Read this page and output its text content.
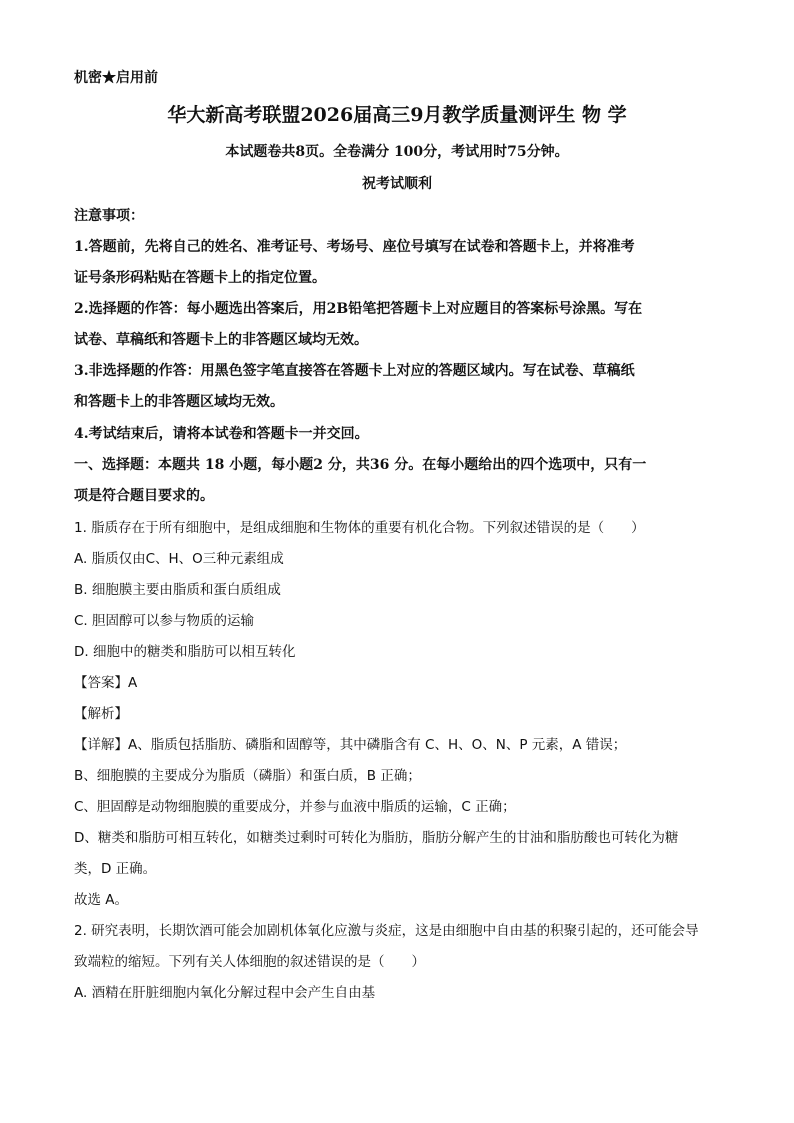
机密★启用前
华大新高考联盟2026届高三9月教学质量测评生 物 学
本试题卷共8页。全卷满分 100分，考试用时75分钟。
祝考试顺利
注意事项：
1.答题前，先将自己的姓名、准考证号、考场号、座位号填写在试卷和答题卡上，并将准考
证号条形码粘贴在答题卡上的指定位置。
2.选择题的作答：每小题选出答案后，用2B铅笔把答题卡上对应题目的答案标号涂黑。写在
试卷、草稿纸和答题卡上的非答题区域均无效。
3.非选择题的作答：用黑色签字笔直接答在答题卡上对应的答题区域内。写在试卷、草稿纸
和答题卡上的非答题区域均无效。
4.考试结束后，请将本试卷和答题卡一并交回。
一、选择题：本题共 18 小题，每小题2 分，共36 分。在每小题给出的四个选项中，只有一
项是符合题目要求的。
1. 脂质存在于所有细胞中，是组成细胞和生物体的重要有机化合物。下列叙述错误的是（　　）
A. 脂质仅由C、H、O三种元素组成
B. 细胞膜主要由脂质和蛋白质组成
C. 胆固醇可以参与物质的运输
D. 细胞中的糖类和脂肪可以相互转化
【答案】A
【解析】
【详解】A、脂质包括脂肪、磷脂和固醇等，其中磷脂含有 C、H、O、N、P 元素，A 错误；
B、细胞膜的主要成分为脂质（磷脂）和蛋白质，B 正确；
C、胆固醇是动物细胞膜的重要成分，并参与血液中脂质的运输，C 正确；
D、糖类和脂肪可相互转化，如糖类过剩时可转化为脂肪，脂肪分解产生的甘油和脂肪酸也可转化为糖
类，D 正确。
故选 A。
2. 研究表明，长期饮酒可能会加剧机体氧化应激与炎症，这是由细胞中自由基的积聚引起的，还可能会导
致端粒的缩短。下列有关人体细胞的叙述错误的是（　　）
A. 酒精在肝脏细胞内氧化分解过程中会产生自由基
